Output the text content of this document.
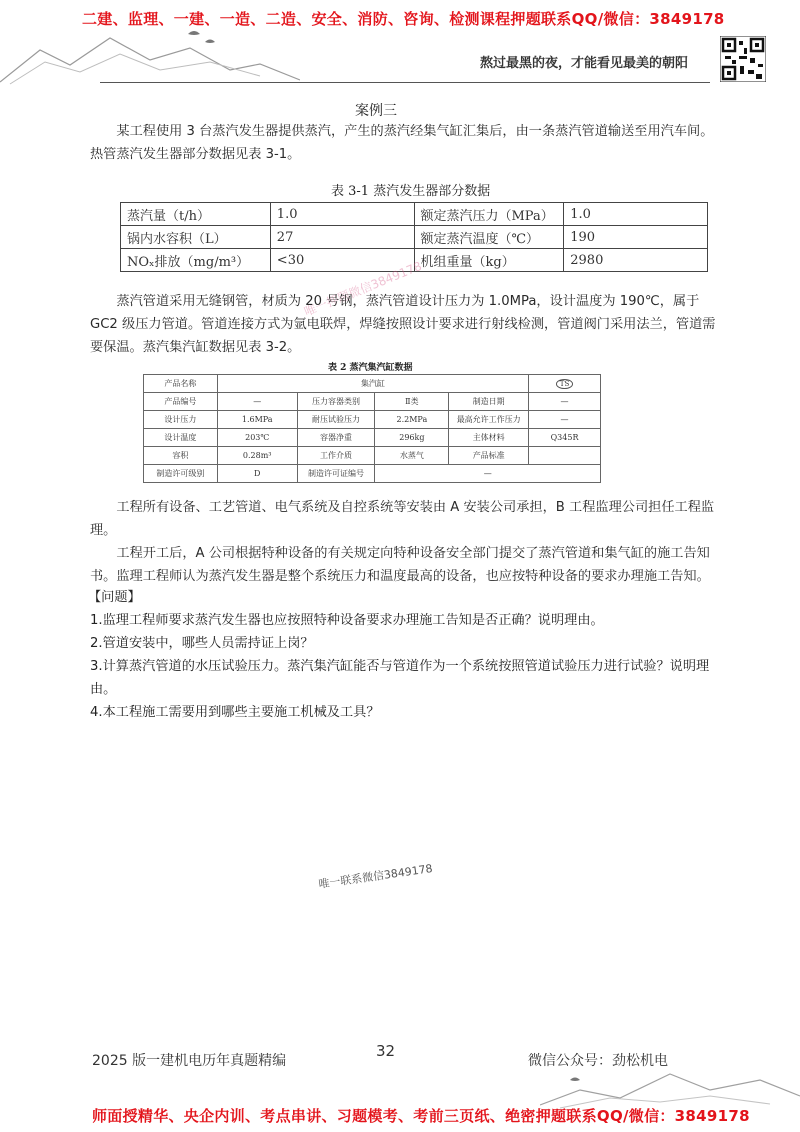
二建、监理、一建、一造、二造、安全、消防、咨询、检测课程押题联系QQ/微信：3849178
熬过最黑的夜，才能看见最美的朝阳
案例三
某工程使用 3 台蒸汽发生器提供蒸汽，产生的蒸汽经集气缸汇集后，由一条蒸汽管道输送至用汽车间。热管蒸汽发生器部分数据见表 3-1。
表 3-1 蒸汽发生器部分数据
蒸汽量（t/h）	1.0	额定蒸汽压力（MPa）	1.0
锅内水容积（L）	27	额定蒸汽温度（℃）	190
NOₓ排放（mg/m³）	<30	机组重量（kg）	2980
唯一押题微信3849178
蒸汽管道采用无缝钢管，材质为 20 号钢，蒸汽管道设计压力为 1.0MPa，设计温度为 190℃，属于 GC2 级压力管道。管道连接方式为氩电联焊，焊缝按照设计要求进行射线检测，管道阀门采用法兰，管道需要保温。蒸汽集汽缸数据见表 3-2。
表 2 蒸汽集汽缸数据
产品名称	集汽缸				TS
产品编号	—	压力容器类别	Ⅱ类	制造日期	—
设计压力	1.6MPa	耐压试验压力	2.2MPa	最高允许工作压力	—
设计温度	203℃	容器净重	296kg	主体材料	Q345R
容积	0.28m³	工作介质	水蒸气	产品标准	
制造许可级别	D	制造许可证编号	—		
工程所有设备、工艺管道、电气系统及自控系统等安装由 A 安装公司承担，B 工程监理公司担任工程监理。
工程开工后，A 公司根据特种设备的有关规定向特种设备安全部门提交了蒸汽管道和集气缸的施工告知书。监理工程师认为蒸汽发生器是整个系统压力和温度最高的设备，也应按特种设备的要求办理施工告知。
【问题】
1.监理工程师要求蒸汽发生器也应按照特种设备要求办理施工告知是否正确？说明理由。
2.管道安装中，哪些人员需持证上岗？
3.计算蒸汽管道的水压试验压力。蒸汽集汽缸能否与管道作为一个系统按照管道试验压力进行试验？说明理由。
4.本工程施工需要用到哪些主要施工机械及工具？
唯一联系微信3849178
2025 版一建机电历年真题精编
32
微信公众号：劲松机电
师面授精华、央企内训、考点串讲、习题模考、考前三页纸、绝密押题联系QQ/微信：3849178
